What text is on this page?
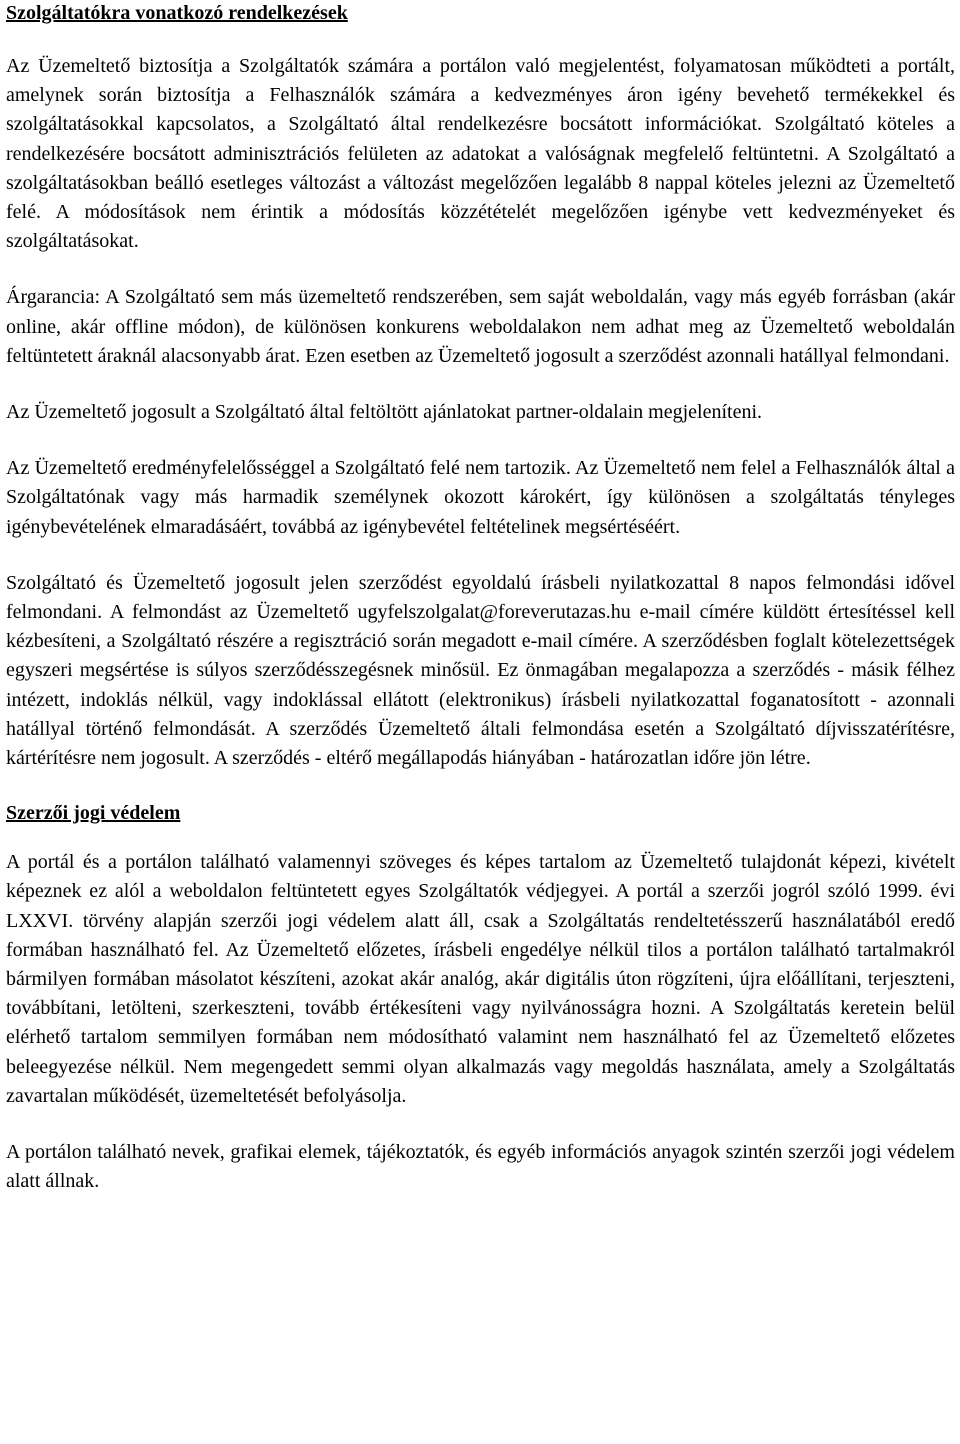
Szolgáltatókra vonatkozó rendelkezések

Az Üzemeltető biztosítja a Szolgáltatók számára a portálon való megjelentést, folyamatosan működteti a portált, amelynek során biztosítja a Felhasználók számára a kedvezményes áron igény bevehető termékekkel és szolgáltatásokkal kapcsolatos, a Szolgáltató által rendelkezésre bocsátott információkat. Szolgáltató köteles a rendelkezésére bocsátott adminisztrációs felületen az adatokat a valóságnak megfelelő feltüntetni. A Szolgáltató a szolgáltatásokban beálló esetleges változást a változást megelőzően legalább 8 nappal köteles jelezni az Üzemeltető felé. A módosítások nem érintik a módosítás közzétételét megelőzően igénybe vett kedvezményeket és szolgáltatásokat.

Árgarancia: A Szolgáltató sem más üzemeltető rendszerében, sem saját weboldalán, vagy más egyéb forrásban (akár online, akár offline módon), de különösen konkurens weboldalakon nem adhat meg az Üzemeltető weboldalán feltüntetett áraknál alacsonyabb árat. Ezen esetben az Üzemeltető jogosult a szerződést azonnali hatállyal felmondani.

Az Üzemeltető jogosult a Szolgáltató által feltöltött ajánlatokat partner-oldalain megjeleníteni.

Az Üzemeltető eredményfelelősséggel a Szolgáltató felé nem tartozik. Az Üzemeltető nem felel a Felhasználók által a Szolgáltatónak vagy más harmadik személynek okozott károkért, így különösen a szolgáltatás tényleges igénybevételének elmaradásáért, továbbá az igénybevétel feltételinek megsértéséért.

Szolgáltató és Üzemeltető jogosult jelen szerződést egyoldalú írásbeli nyilatkozattal 8 napos felmondási idővel felmondani. A felmondást az Üzemeltető ugyfelszolgalat@foreverutazas.hu e-mail címére küldött értesítéssel kell kézbesíteni, a Szolgáltató részére a regisztráció során megadott e-mail címére. A szerződésben foglalt kötelezettségek egyszeri megsértése is súlyos szerződésszegésnek minősül. Ez önmagában megalapozza a szerződés - másik félhez intézett, indoklás nélkül, vagy indoklással ellátott (elektronikus) írásbeli nyilatkozattal foganatosított - azonnali hatállyal történő felmondását. A szerződés Üzemeltető általi felmondása esetén a Szolgáltató díjvisszatérítésre, kártérítésre nem jogosult. A szerződés - eltérő megállapodás hiányában - határozatlan időre jön létre.

Szerzői jogi védelem

A portál és a portálon található valamennyi szöveges és képes tartalom az Üzemeltető tulajdonát képezi, kivételt képeznek ez alól a weboldalon feltüntetett egyes Szolgáltatók védjegyei. A portál a szerzői jogról szóló 1999. évi LXXVI. törvény alapján szerzői jogi védelem alatt áll, csak a Szolgáltatás rendeltetésszerű használatából eredő formában használható fel. Az Üzemeltető előzetes, írásbeli engedélye nélkül tilos a portálon található tartalmakról bármilyen formában másolatot készíteni, azokat akár analóg, akár digitális úton rögzíteni, újra előállítani, terjeszteni, továbbítani, letölteni, szerkeszteni, tovább értékesíteni vagy nyilvánosságra hozni. A Szolgáltatás keretein belül elérhető tartalom semmilyen formában nem módosítható valamint nem használható fel az Üzemeltető előzetes beleegyezése nélkül. Nem megengedett semmi olyan alkalmazás vagy megoldás használata, amely a Szolgáltatás zavartalan működését, üzemeltetését befolyásolja.

A portálon található nevek, grafikai elemek, tájékoztatók, és egyéb információs anyagok szintén szerzői jogi védelem alatt állnak.
